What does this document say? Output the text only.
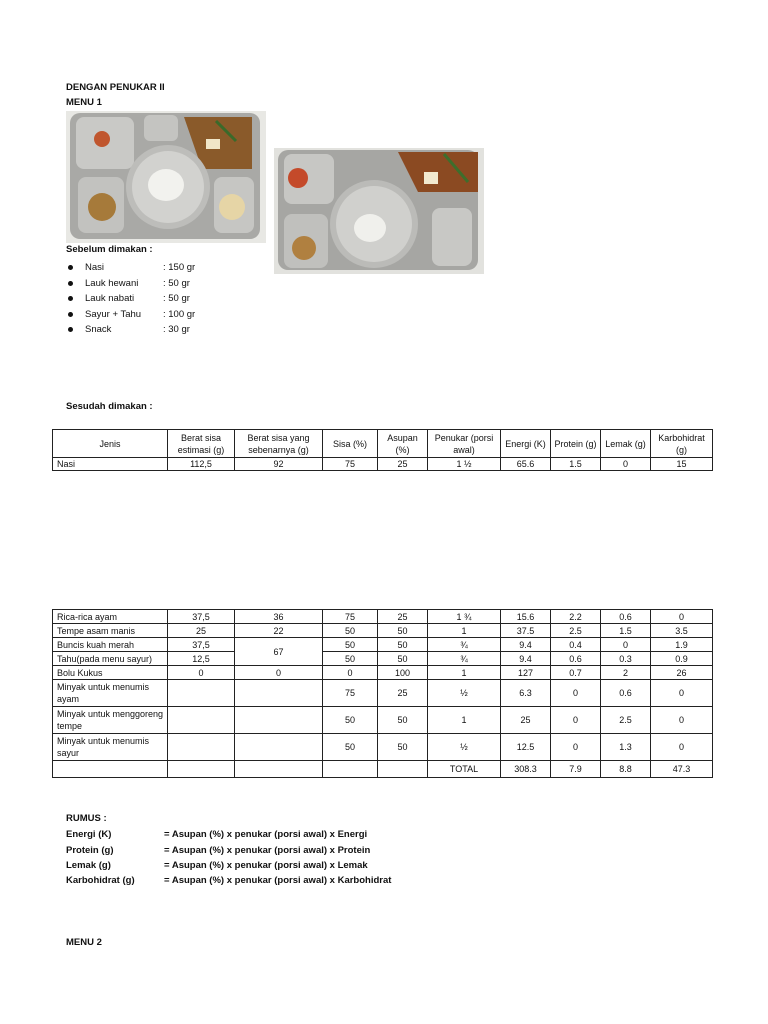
DENGAN PENUKAR II
MENU 1
Sebelum dimakan :
Nasi	: 150 gr
Lauk hewani	: 50 gr
Lauk nabati	: 50 gr
Sayur + Tahu	: 100 gr
Snack	: 30 gr
Sesudah dimakan :
Jenis	Berat sisa estimasi (g)	Berat sisa yang sebenarnya (g)	Sisa (%)	Asupan (%)	Penukar (porsi awal)	Energi (K)	Protein (g)	Lemak (g)	Karbohidrat (g)
Nasi	112,5	92	75	25	1 ½	65.6	1.5	0	15
Rica-rica ayam	37,5	36	75	25	1 ¾	15.6	2.2	0.6	0
Tempe asam manis	25	22	50	50	1	37.5	2.5	1.5	3.5
Buncis kuah merah	37,5	67	50	50	¾	9.4	0.4	0	1.9
Tahu(pada menu sayur)	12,5		50	50	¾	9.4	0.6	0.3	0.9
Bolu Kukus	0	0	0	100	1	127	0.7	2	26
Minyak untuk menumis ayam			75	25	½	6.3	0	0.6	0
Minyak untuk menggoreng tempe			50	50	1	25	0	2.5	0
Minyak untuk menumis sayur			50	50	½	12.5	0	1.3	0
					TOTAL	308.3	7.9	8.8	47.3
RUMUS :
Energi (K)	= Asupan (%) x penukar (porsi awal) x Energi
Protein (g)	= Asupan (%) x penukar (porsi awal) x Protein
Lemak (g)	= Asupan (%) x penukar (porsi awal) x Lemak
Karbohidrat (g)	= Asupan (%) x penukar (porsi awal) x Karbohidrat
MENU 2
